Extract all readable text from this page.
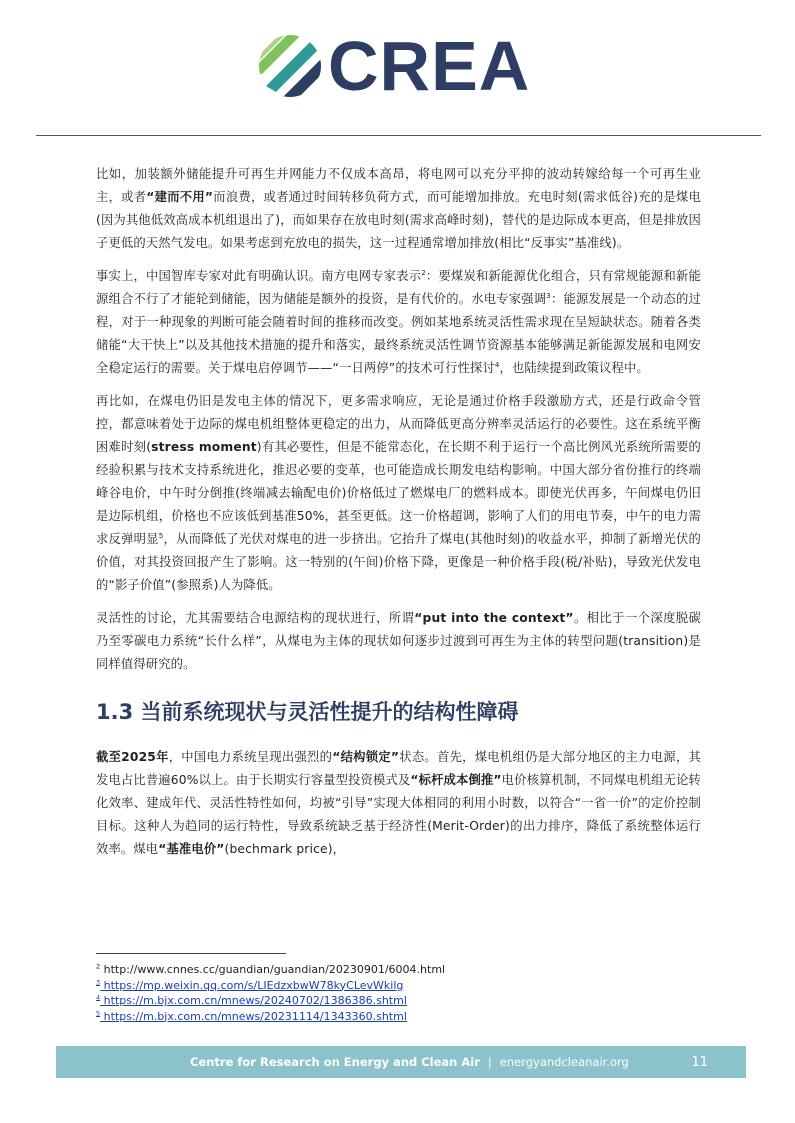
CREA

比如，加装额外储能提升可再生并网能力不仅成本高昂，将电网可以充分平抑的波动转嫁给每一个可再生业主，或者“建而不用”而浪费，或者通过时间转移负荷方式，而可能增加排放。充电时刻(需求低谷)充的是煤电(因为其他低效高成本机组退出了)，而如果存在放电时刻(需求高峰时刻)，替代的是边际成本更高，但是排放因子更低的天然气发电。如果考虑到充放电的损失，这一过程通常增加排放(相比“反事实”基准线)。

事实上，中国智库专家对此有明确认识。南方电网专家表示$^2$：要煤炭和新能源优化组合，只有常规能源和新能源组合不行了才能轮到储能，因为储能是额外的投资，是有代价的。水电专家强调$^3$：能源发展是一个动态的过程，对于一种现象的判断可能会随着时间的推移而改变。例如某地系统灵活性需求现在呈短缺状态。随着各类储能“大干快上”以及其他技术措施的提升和落实，最终系统灵活性调节资源基本能够满足新能源发展和电网安全稳定运行的需要。关于煤电启停调节——“一日两停”的技术可行性探讨$^4$，也陆续提到政策议程中。

再比如，在煤电仍旧是发电主体的情况下，更多需求响应，无论是通过价格手段激励方式，还是行政命令管控，都意味着处于边际的煤电机组整体更稳定的出力，从而降低更高分辨率灵活运行的必要性。这在系统平衡困难时刻(stress moment)有其必要性，但是不能常态化，在长期不利于运行一个高比例风光系统所需要的经验积累与技术支持系统进化，推迟必要的变革，也可能造成长期发电结构影响。中国大部分省份推行的终端峰谷电价，中午时分倒推(终端减去输配电价)价格低过了燃煤电厂的燃料成本。即使光伏再多，午间煤电仍旧是边际机组，价格也不应该低到基准50%，甚至更低。这一价格超调，影响了人们的用电节奏，中午的电力需求反弹明显$^5$，从而降低了光伏对煤电的进一步挤出。它抬升了煤电(其他时刻)的收益水平，抑制了新增光伏的价值，对其投资回报产生了影响。这一特别的(午间)价格下降，更像是一种价格手段(税/补贴)，导致光伏发电的“影子价值”(参照系)人为降低。

灵活性的讨论，尤其需要结合电源结构的现状进行，所谓“put into the context”。相比于一个深度脱碳乃至零碳电力系统“长什么样”，从煤电为主体的现状如何逐步过渡到可再生为主体的转型问题(transition)是同样值得研究的。

1.3 当前系统现状与灵活性提升的结构性障碍

截至2025年，中国电力系统呈现出强烈的“结构锁定”状态。首先，煤电机组仍是大部分地区的主力电源，其发电占比普遍60%以上。由于长期实行容量型投资模式及“标杆成本倒推”电价核算机制，不同煤电机组无论转化效率、建成年代、灵活性特性如何，均被“引导”实现大体相同的利用小时数，以符合“一省一价”的定价控制目标。这种人为趋同的运行特性，导致系统缺乏基于经济性(Merit-Order)的出力排序，降低了系统整体运行效率。煤电“基准电价”(bechmark price)，

$^2$ http://www.cnnes.cc/guandian/guandian/20230901/6004.html
$^3$ https://mp.weixin.qq.com/s/LIEdzxbwW78kyCLevWkilg
$^4$ https://m.bjx.com.cn/mnews/20240702/1386386.shtml
$^5$ https://m.bjx.com.cn/mnews/20231114/1343360.shtml
Centre for Research on Energy and Clean Air | energyandcleanair.org	11
